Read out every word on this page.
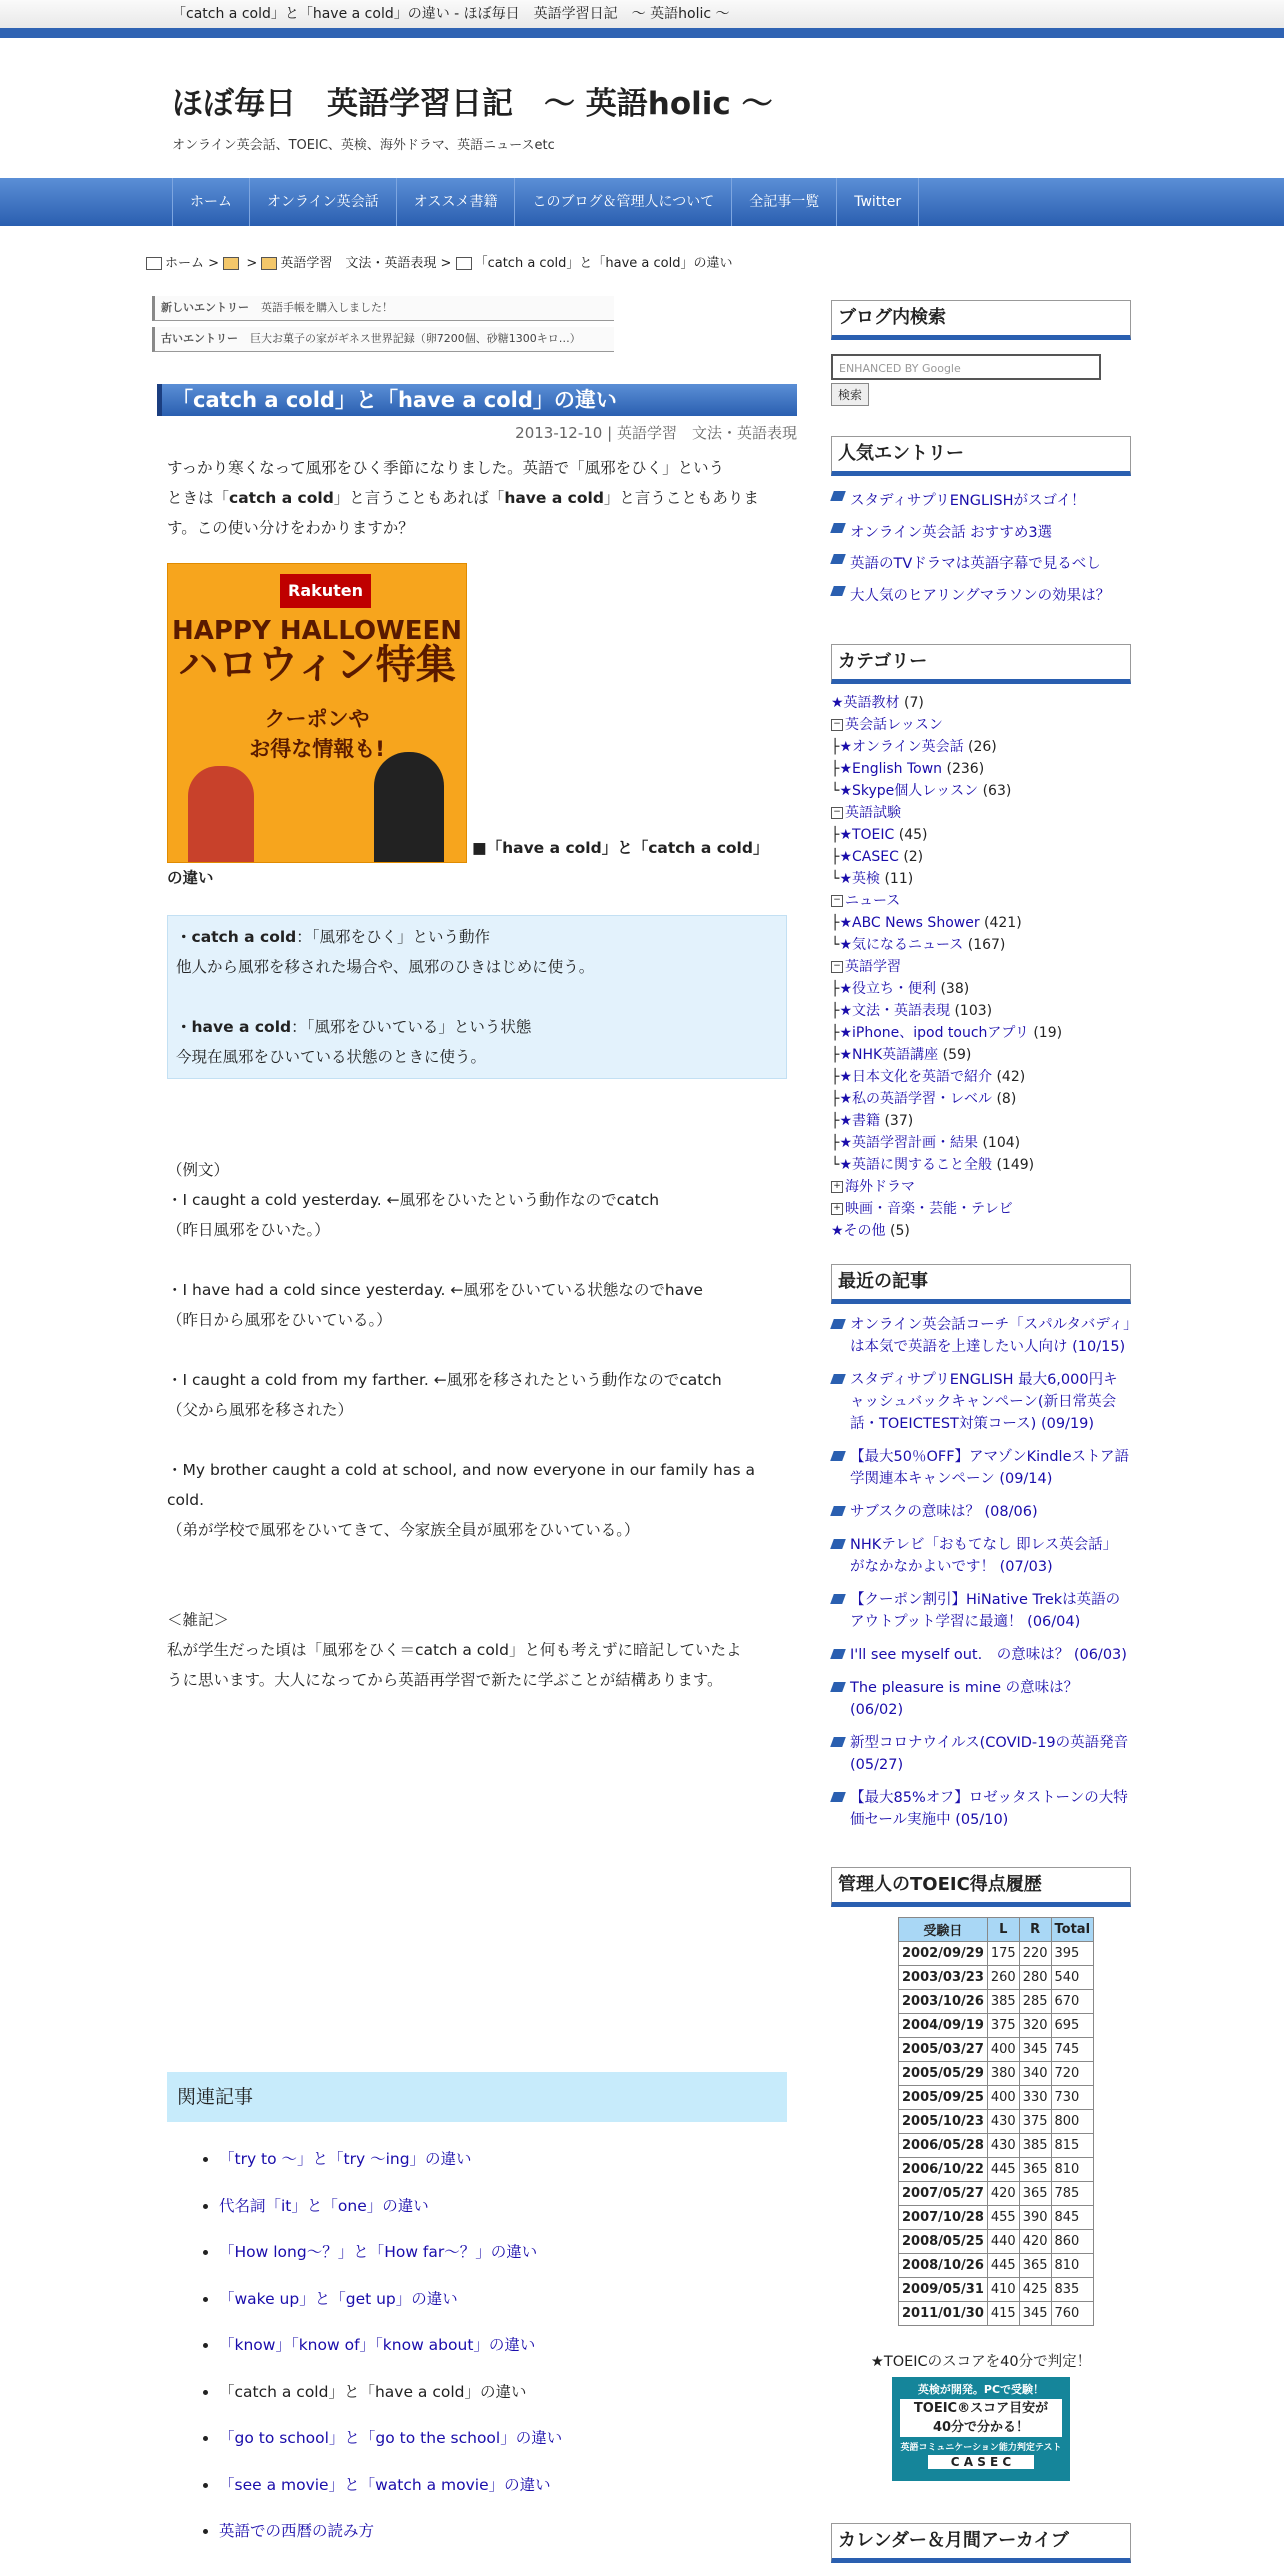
「catch a cold」と「have a cold」の違い - ほぼ毎日　英語学習日記　～ 英語holic ～
ほぼ毎日　英語学習日記　～ 英語holic ～
オンライン英会話、TOEIC、英検、海外ドラマ、英語ニュースetc
ホーム	オンライン英会話	オススメ書籍	このブログ＆管理人について	全記事一覧	Twitter
ホーム > > 英語学習　文法・英語表現 > 「catch a cold」と「have a cold」の違い
新しいエントリー 英語手帳を購入しました！
古いエントリー 巨大お菓子の家がギネス世界記録（卵7200個、砂糖1300キロ…）
「catch a cold」と「have a cold」の違い
2013-12-10 | 英語学習　文法・英語表現
すっかり寒くなって風邪をひく季節になりました。英語で「風邪をひく」という
ときは「catch a cold」と言うこともあれば「have a cold」と言うこともありま
す。この使い分けをわかりますか？
Rakuten
HAPPY HALLOWEEN
ハロウィン特集
クーポンや
お得な情報も!
■「have a cold」と「catch a cold」
の違い
・catch a cold：「風邪をひく」という動作
他人から風邪を移された場合や、風邪のひきはじめに使う。
・have a cold：「風邪をひいている」という状態
今現在風邪をひいている状態のときに使う。
（例文）
・I caught a cold yesterday. ←風邪をひいたという動作なのでcatch
（昨日風邪をひいた。）
・I have had a cold since yesterday. ←風邪をひいている状態なのでhave
（昨日から風邪をひいている。）
・I caught a cold from my farther. ←風邪を移されたという動作なのでcatch
（父から風邪を移された）
・My brother caught a cold at school, and now everyone in our family has a cold.
（弟が学校で風邪をひいてきて、今家族全員が風邪をひいている。）
＜雑記＞
私が学生だった頃は「風邪をひく＝catch a cold」と何も考えずに暗記していたよ
うに思います。大人になってから英語再学習で新たに学ぶことが結構あります。
関連記事
• 「try to ～」と「try ～ing」の違い
• 代名詞「it」と「one」の違い
• 「How long～？」と「How far～？」の違い
• 「wake up」と「get up」の違い
• 「know」「know of」「know about」の違い
• 「catch a cold」と「have a cold」の違い
• 「go to school」と「go to the school」の違い
• 「see a movie」と「watch a movie」の違い
• 英語での西暦の読み方
ブログ内検索
ENHANCED BY Google
検索
人気エントリー
スタディサプリENGLISHがスゴイ！
オンライン英会話 おすすめ3選
英語のTVドラマは英語字幕で見るべし
大人気のヒアリングマラソンの効果は？
カテゴリー
★英語教材 (7)
− 英会話レッスン
├★オンライン英会話 (26)
├★English Town (236)
└★Skype個人レッスン (63)
− 英語試験
├★TOEIC (45)
├★CASEC (2)
└★英検 (11)
− ニュース
├★ABC News Shower (421)
└★気になるニュース (167)
− 英語学習
├★役立ち・便利 (38)
├★文法・英語表現 (103)
├★iPhone、ipod touchアプリ (19)
├★NHK英語講座 (59)
├★日本文化を英語で紹介 (42)
├★私の英語学習・レベル (8)
├★書籍 (37)
├★英語学習計画・結果 (104)
└★英語に関すること全般 (149)
+ 海外ドラマ
+ 映画・音楽・芸能・テレビ
★その他 (5)
最近の記事
オンライン英会話コーチ「スパルタバディ」は本気で英語を上達したい人向け (10/15)
スタディサプリENGLISH 最大6,000円キャッシュバックキャンペーン(新日常英会話・TOEICTEST対策コース) (09/19)
【最大50％OFF】アマゾンKindleストア語学関連本キャンペーン (09/14)
サブスクの意味は？ (08/06)
NHKテレビ「おもてなし 即レス英会話」がなかなかよいです！ (07/03)
【クーポン割引】HiNative Trekは英語のアウトプット学習に最適！ (06/04)
I'll see myself out.　の意味は？ (06/03)
The pleasure is mine の意味は？ (06/02)
新型コロナウイルス(COVID-19の英語発音 (05/27)
【最大85%オフ】ロゼッタストーンの大特価セール実施中 (05/10)
管理人のTOEIC得点履歴
受験日	L	R	Total
2002/09/29	175	220	395
2003/03/23	260	280	540
2003/10/26	385	285	670
2004/09/19	375	320	695
2005/03/27	400	345	745
2005/05/29	380	340	720
2005/09/25	400	330	730
2005/10/23	430	375	800
2006/05/28	430	385	815
2006/10/22	445	365	810
2007/05/27	420	365	785
2007/10/28	455	390	845
2008/05/25	440	420	860
2008/10/26	445	365	810
2009/05/31	410	425	835
2011/01/30	415	345	760
★TOEICのスコアを40分で判定！
英検が開発。PCで受験！
TOEIC®スコア目安が
40分で分かる！
英語コミュニケーション能力判定テスト
C A S E C
カレンダー＆月間アーカイブ
